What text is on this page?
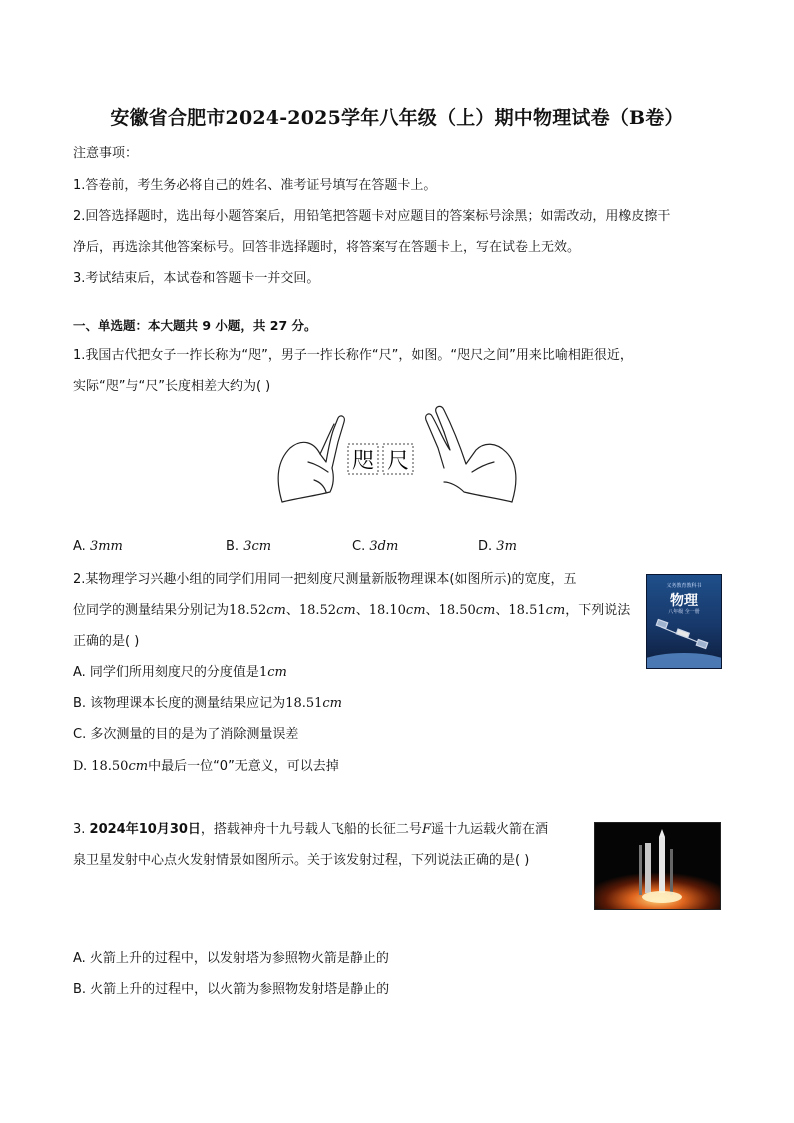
安徽省合肥市2024-2025学年八年级（上）期中物理试卷（B卷）
注意事项：
1.答卷前，考生务必将自己的姓名、准考证号填写在答题卡上。
2.回答选择题时，选出每小题答案后，用铅笔把答题卡对应题目的答案标号涂黑；如需改动，用橡皮擦干
净后，再选涂其他答案标号。回答非选择题时，将答案写在答题卡上，写在试卷上无效。
3.考试结束后，本试卷和答题卡一并交回。
一、单选题：本大题共 9 小题，共 27 分。
1.我国古代把女子一拃长称为“咫”，男子一拃长称作“尺”，如图。“咫尺之间”用来比喻相距很近，
实际“咫”与“尺”长度相差大约为( )
咫 尺
A. 3mm	B. 3cm	C. 3dm	D. 3m
2.某物理学习兴趣小组的同学们用同一把刻度尺测量新版物理课本(如图所示)的宽度，五
位同学的测量结果分别记为18.52cm、18.52cm、18.10cm、18.50cm、18.51cm，下列说法
正确的是( )
义务教育教科书
物理
八年级 全一册
A. 同学们所用刻度尺的分度值是1cm
B. 该物理课本长度的测量结果应记为18.51cm
C. 多次测量的目的是为了消除测量误差
D. 18.50cm中最后一位“0”无意义，可以去掉
3. 2024年10月30日，搭载神舟十九号载人飞船的长征二号F遥十九运载火箭在酒
泉卫星发射中心点火发射情景如图所示。关于该发射过程，下列说法正确的是( )
A. 火箭上升的过程中，以发射塔为参照物火箭是静止的
B. 火箭上升的过程中，以火箭为参照物发射塔是静止的
